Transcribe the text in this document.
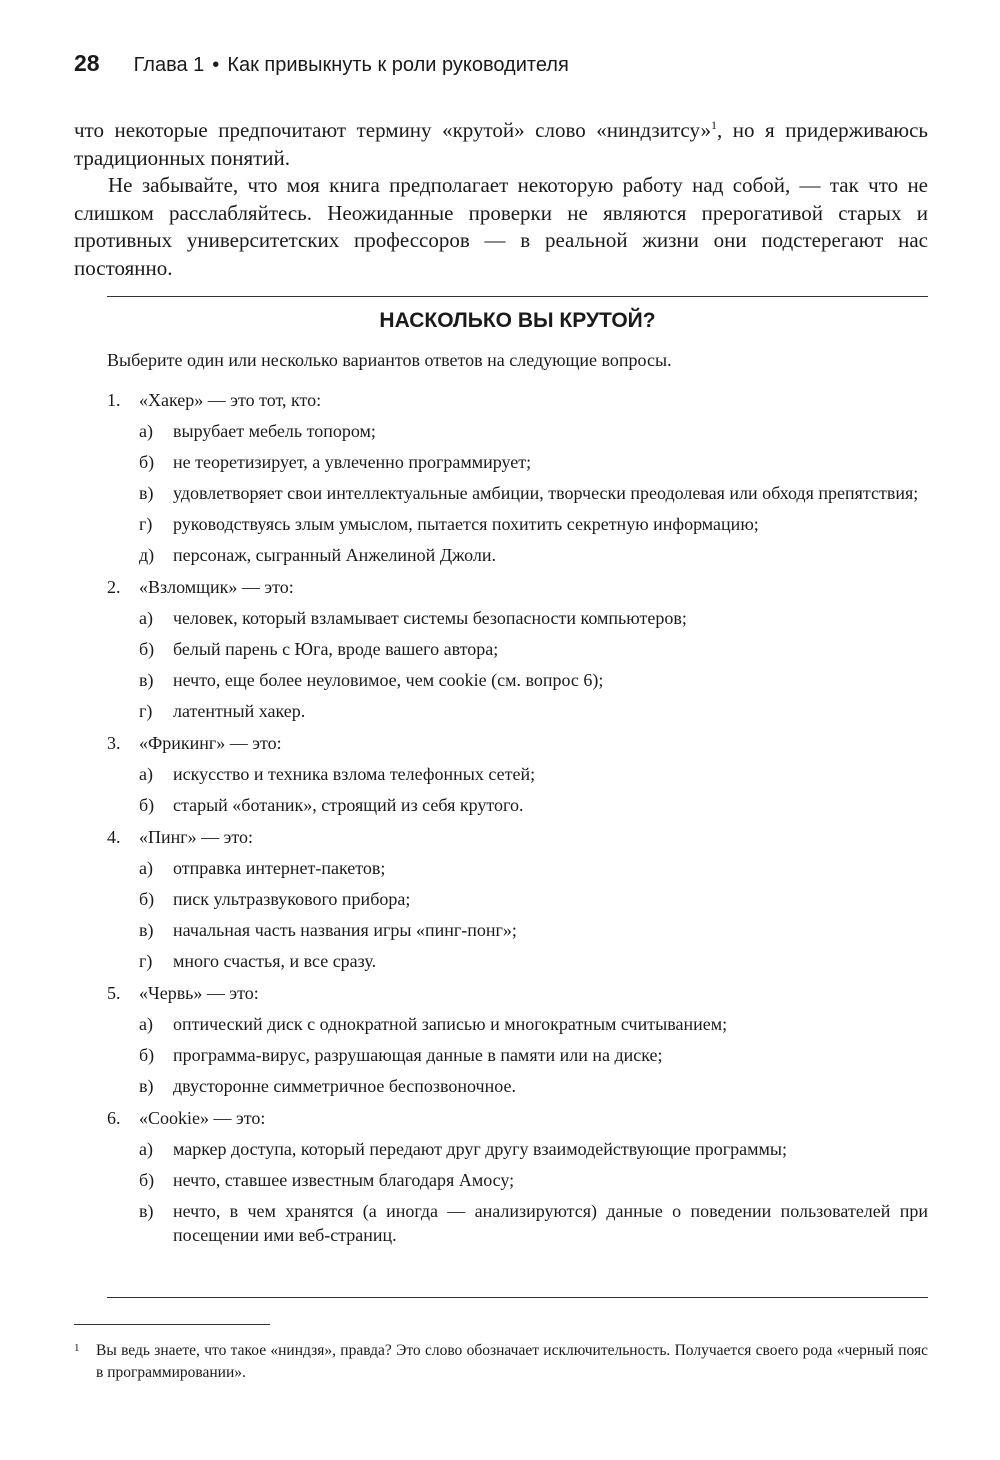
28 Глава 1 • Как привыкнуть к роли руководителя

что некоторые предпочитают термину «крутой» слово «ниндзитсу»$^1$, но я придерживаюсь традиционных понятий.

Не забывайте, что моя книга предполагает некоторую работу над собой, — так что не слишком расслабляйтесь. Неожиданные проверки не являются прерогативой старых и противных университетских профессоров — в реальной жизни они подстерегают нас постоянно.

НАСКОЛЬКО ВЫ КРУТОЙ?
Выберите один или несколько вариантов ответов на следующие вопросы.
1.	«Хакер» — это тот, кто:
а)	вырубает мебель топором;
б)	не теоретизирует, а увлеченно программирует;
в)	удовлетворяет свои интеллектуальные амбиции, творчески преодолевая или обходя препятствия;
г)	руководствуясь злым умыслом, пытается похитить секретную информацию;
д)	персонаж, сыгранный Анжелиной Джоли.
2.	«Взломщик» — это:
а)	человек, который взламывает системы безопасности компьютеров;
б)	белый парень с Юга, вроде вашего автора;
в)	нечто, еще более неуловимое, чем cookie (см. вопрос 6);
г)	латентный хакер.
3.	«Фрикинг» — это:
а)	искусство и техника взлома телефонных сетей;
б)	старый «ботаник», строящий из себя крутого.
4.	«Пинг» — это:
а)	отправка интернет-пакетов;
б)	писк ультразвукового прибора;
в)	начальная часть названия игры «пинг-понг»;
г)	много счастья, и все сразу.
5.	«Червь» — это:
а)	оптический диск с однократной записью и многократным считыванием;
б)	программа-вирус, разрушающая данные в памяти или на диске;
в)	двусторонне симметричное беспозвоночное.
6.	«Cookie» — это:
а)	маркер доступа, который передают друг другу взаимодействующие программы;
б)	нечто, ставшее известным благодаря Амосу;
в)	нечто, в чем хранятся (а иногда — анализируются) данные о поведении пользователей при посещении ими веб-страниц.
1	Вы ведь знаете, что такое «ниндзя», правда? Это слово обозначает исключительность. Получается своего рода «черный пояс в программировании».
